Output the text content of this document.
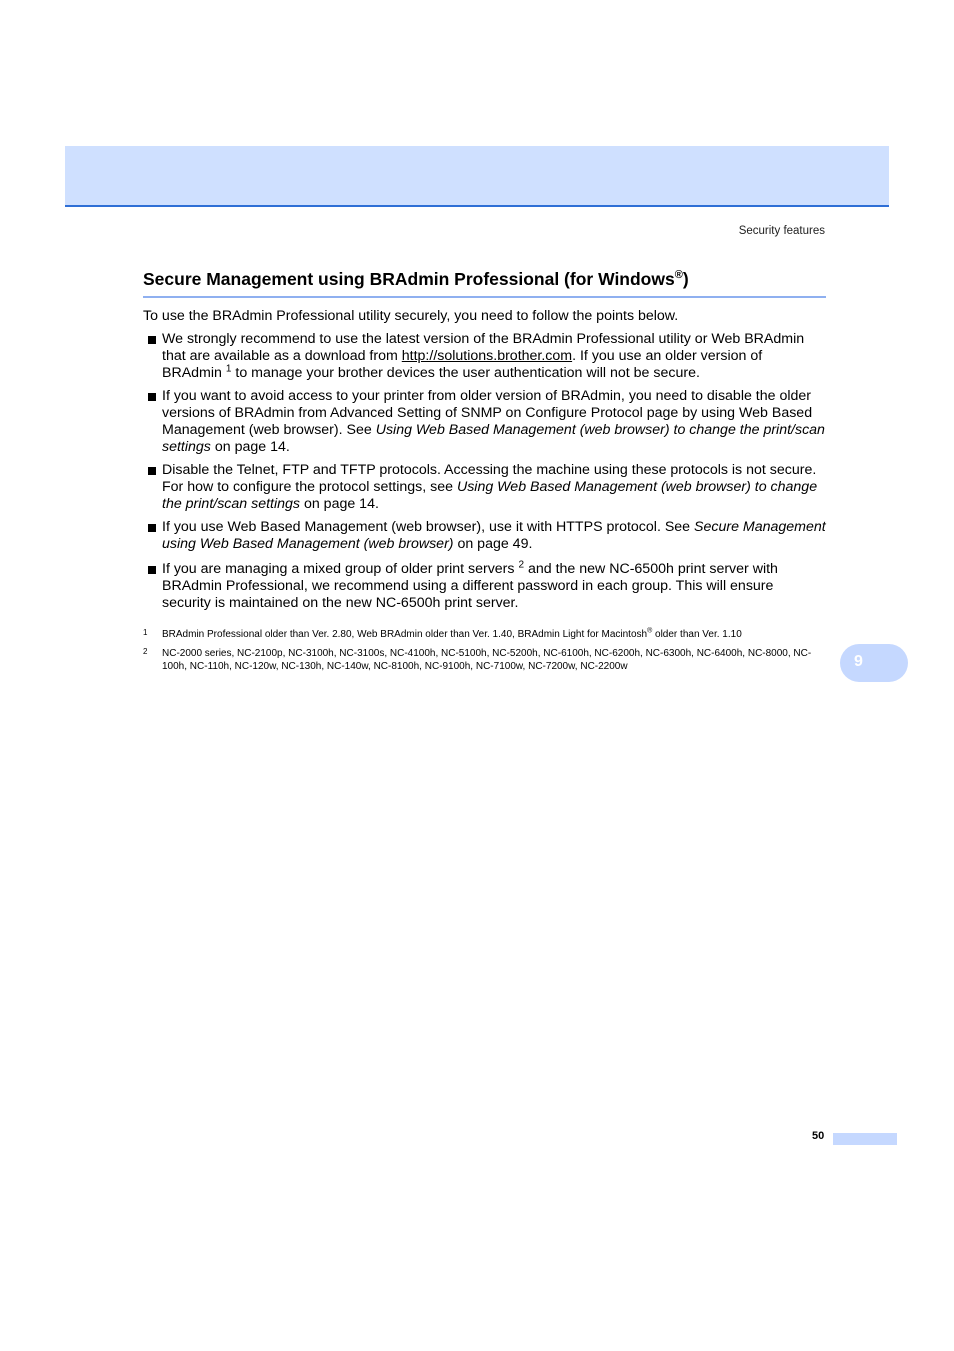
Security features
Secure Management using BRAdmin Professional (for Windows®)
To use the BRAdmin Professional utility securely, you need to follow the points below.
We strongly recommend to use the latest version of the BRAdmin Professional utility or Web BRAdmin that are available as a download from http://solutions.brother.com. If you use an older version of BRAdmin $^1$ to manage your brother devices the user authentication will not be secure.
If you want to avoid access to your printer from older version of BRAdmin, you need to disable the older versions of BRAdmin from Advanced Setting of SNMP on Configure Protocol page by using Web Based Management (web browser). See Using Web Based Management (web browser) to change the print/scan settings on page 14.
Disable the Telnet, FTP and TFTP protocols. Accessing the machine using these protocols is not secure. For how to configure the protocol settings, see Using Web Based Management (web browser) to change the print/scan settings on page 14.
If you use Web Based Management (web browser), use it with HTTPS protocol. See Secure Management using Web Based Management (web browser) on page 49.
If you are managing a mixed group of older print servers $^2$ and the new NC-6500h print server with BRAdmin Professional, we recommend using a different password in each group. This will ensure security is maintained on the new NC-6500h print server.
1 BRAdmin Professional older than Ver. 2.80, Web BRAdmin older than Ver. 1.40, BRAdmin Light for Macintosh® older than Ver. 1.10
2 NC-2000 series, NC-2100p, NC-3100h, NC-3100s, NC-4100h, NC-5100h, NC-5200h, NC-6100h, NC-6200h, NC-6300h, NC-6400h, NC-8000, NC-100h, NC-110h, NC-120w, NC-130h, NC-140w, NC-8100h, NC-9100h, NC-7100w, NC-7200w, NC-2200w	9
50
